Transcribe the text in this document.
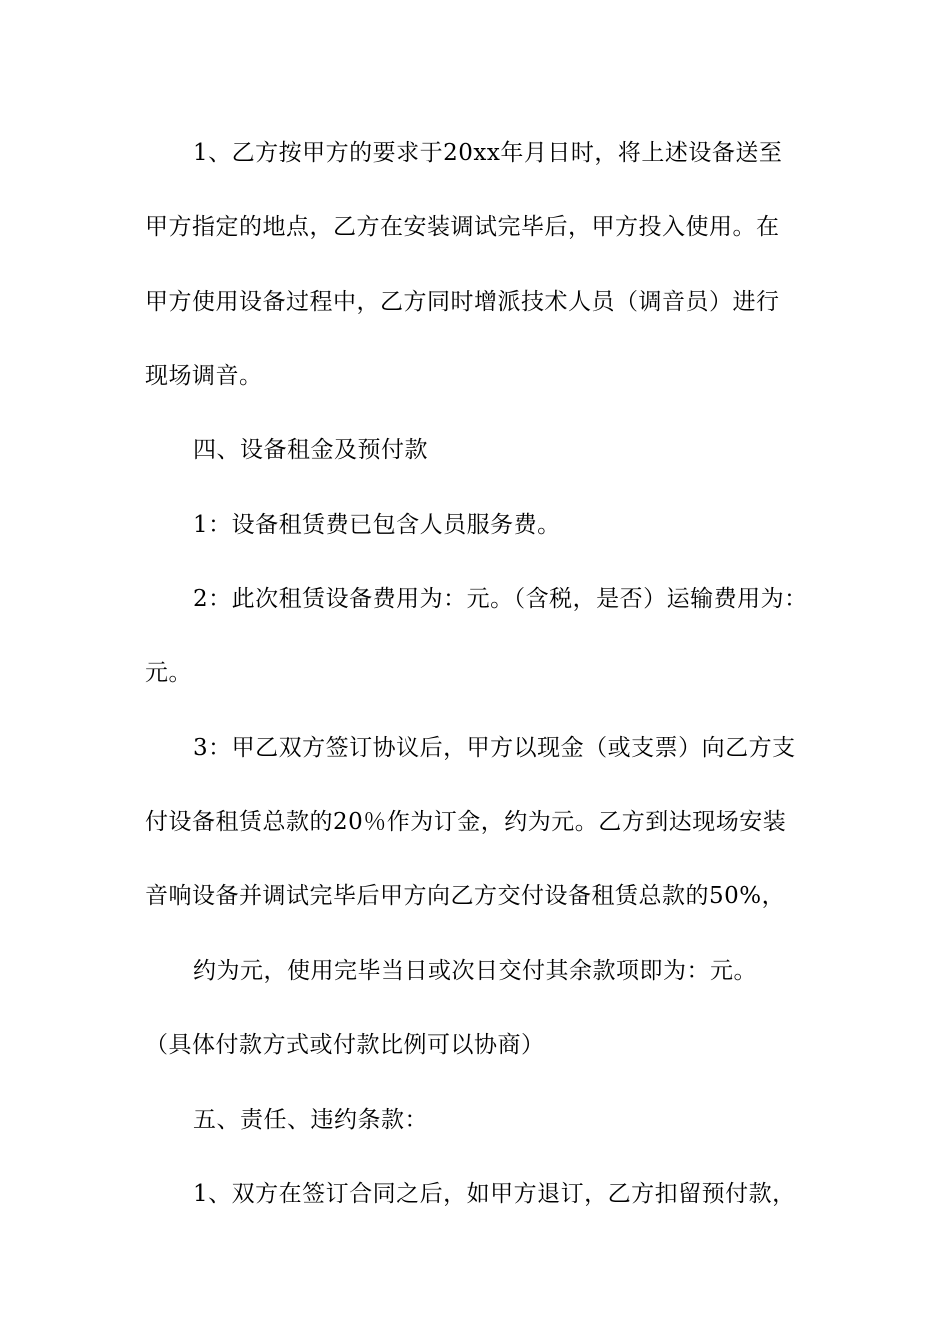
1、乙方按甲方的要求于20xx年月日时，将上述设备送至
甲方指定的地点，乙方在安装调试完毕后，甲方投入使用。在
甲方使用设备过程中，乙方同时增派技术人员（调音员）进行
现场调音。
四、设备租金及预付款
1：设备租赁费已包含人员服务费。
2：此次租赁设备费用为：元。（含税，是否）运输费用为：
元。
3：甲乙双方签订协议后，甲方以现金（或支票）向乙方支
付设备租赁总款的20％作为订金，约为元。乙方到达现场安装
音响设备并调试完毕后甲方向乙方交付设备租赁总款的50%，
约为元，使用完毕当日或次日交付其余款项即为：元。
（具体付款方式或付款比例可以协商）
五、责任、违约条款：
1、双方在签订合同之后，如甲方退订，乙方扣留预付款，
